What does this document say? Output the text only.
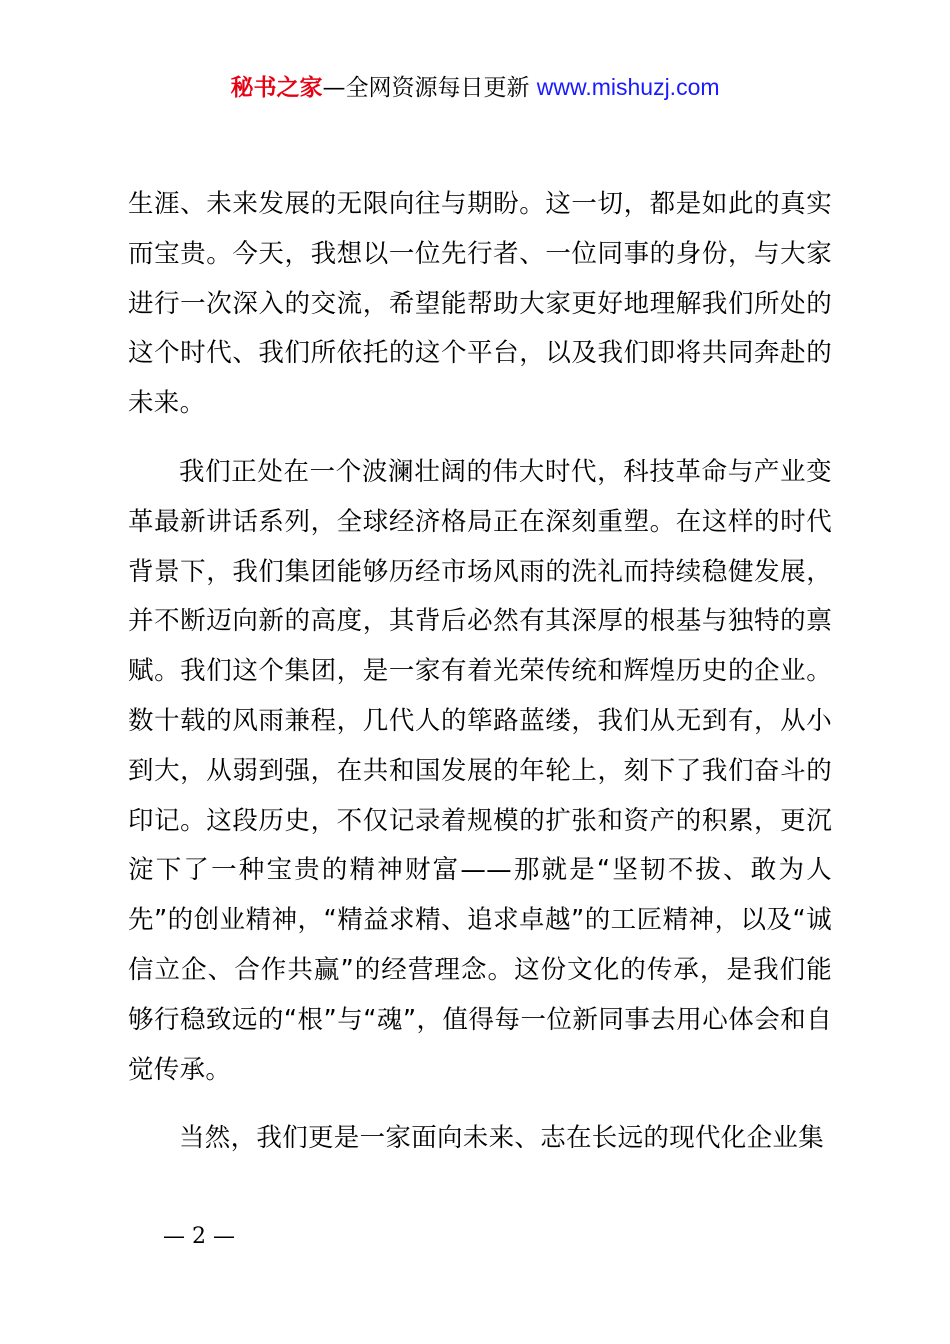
秘书之家—全网资源每日更新 www.mishuzj.com

生涯、未来发展的无限向往与期盼。这一切，都是如此的真实而宝贵。今天，我想以一位先行者、一位同事的身份，与大家进行一次深入的交流，希望能帮助大家更好地理解我们所处的这个时代、我们所依托的这个平台，以及我们即将共同奔赴的未来。

我们正处在一个波澜壮阔的伟大时代，科技革命与产业变革最新讲话系列，全球经济格局正在深刻重塑。在这样的时代背景下，我们集团能够历经市场风雨的洗礼而持续稳健发展，并不断迈向新的高度，其背后必然有其深厚的根基与独特的禀赋。我们这个集团，是一家有着光荣传统和辉煌历史的企业。数十载的风雨兼程，几代人的筚路蓝缕，我们从无到有，从小到大，从弱到强，在共和国发展的年轮上，刻下了我们奋斗的印记。这段历史，不仅记录着规模的扩张和资产的积累，更沉淀下了一种宝贵的精神财富——那就是“坚韧不拔、敢为人先”的创业精神，“精益求精、追求卓越”的工匠精神，以及“诚信立企、合作共赢”的经营理念。这份文化的传承，是我们能够行稳致远的“根”与“魂”，值得每一位新同事去用心体会和自觉传承。

当然，我们更是一家面向未来、志在长远的现代化企业集

— 2 —
